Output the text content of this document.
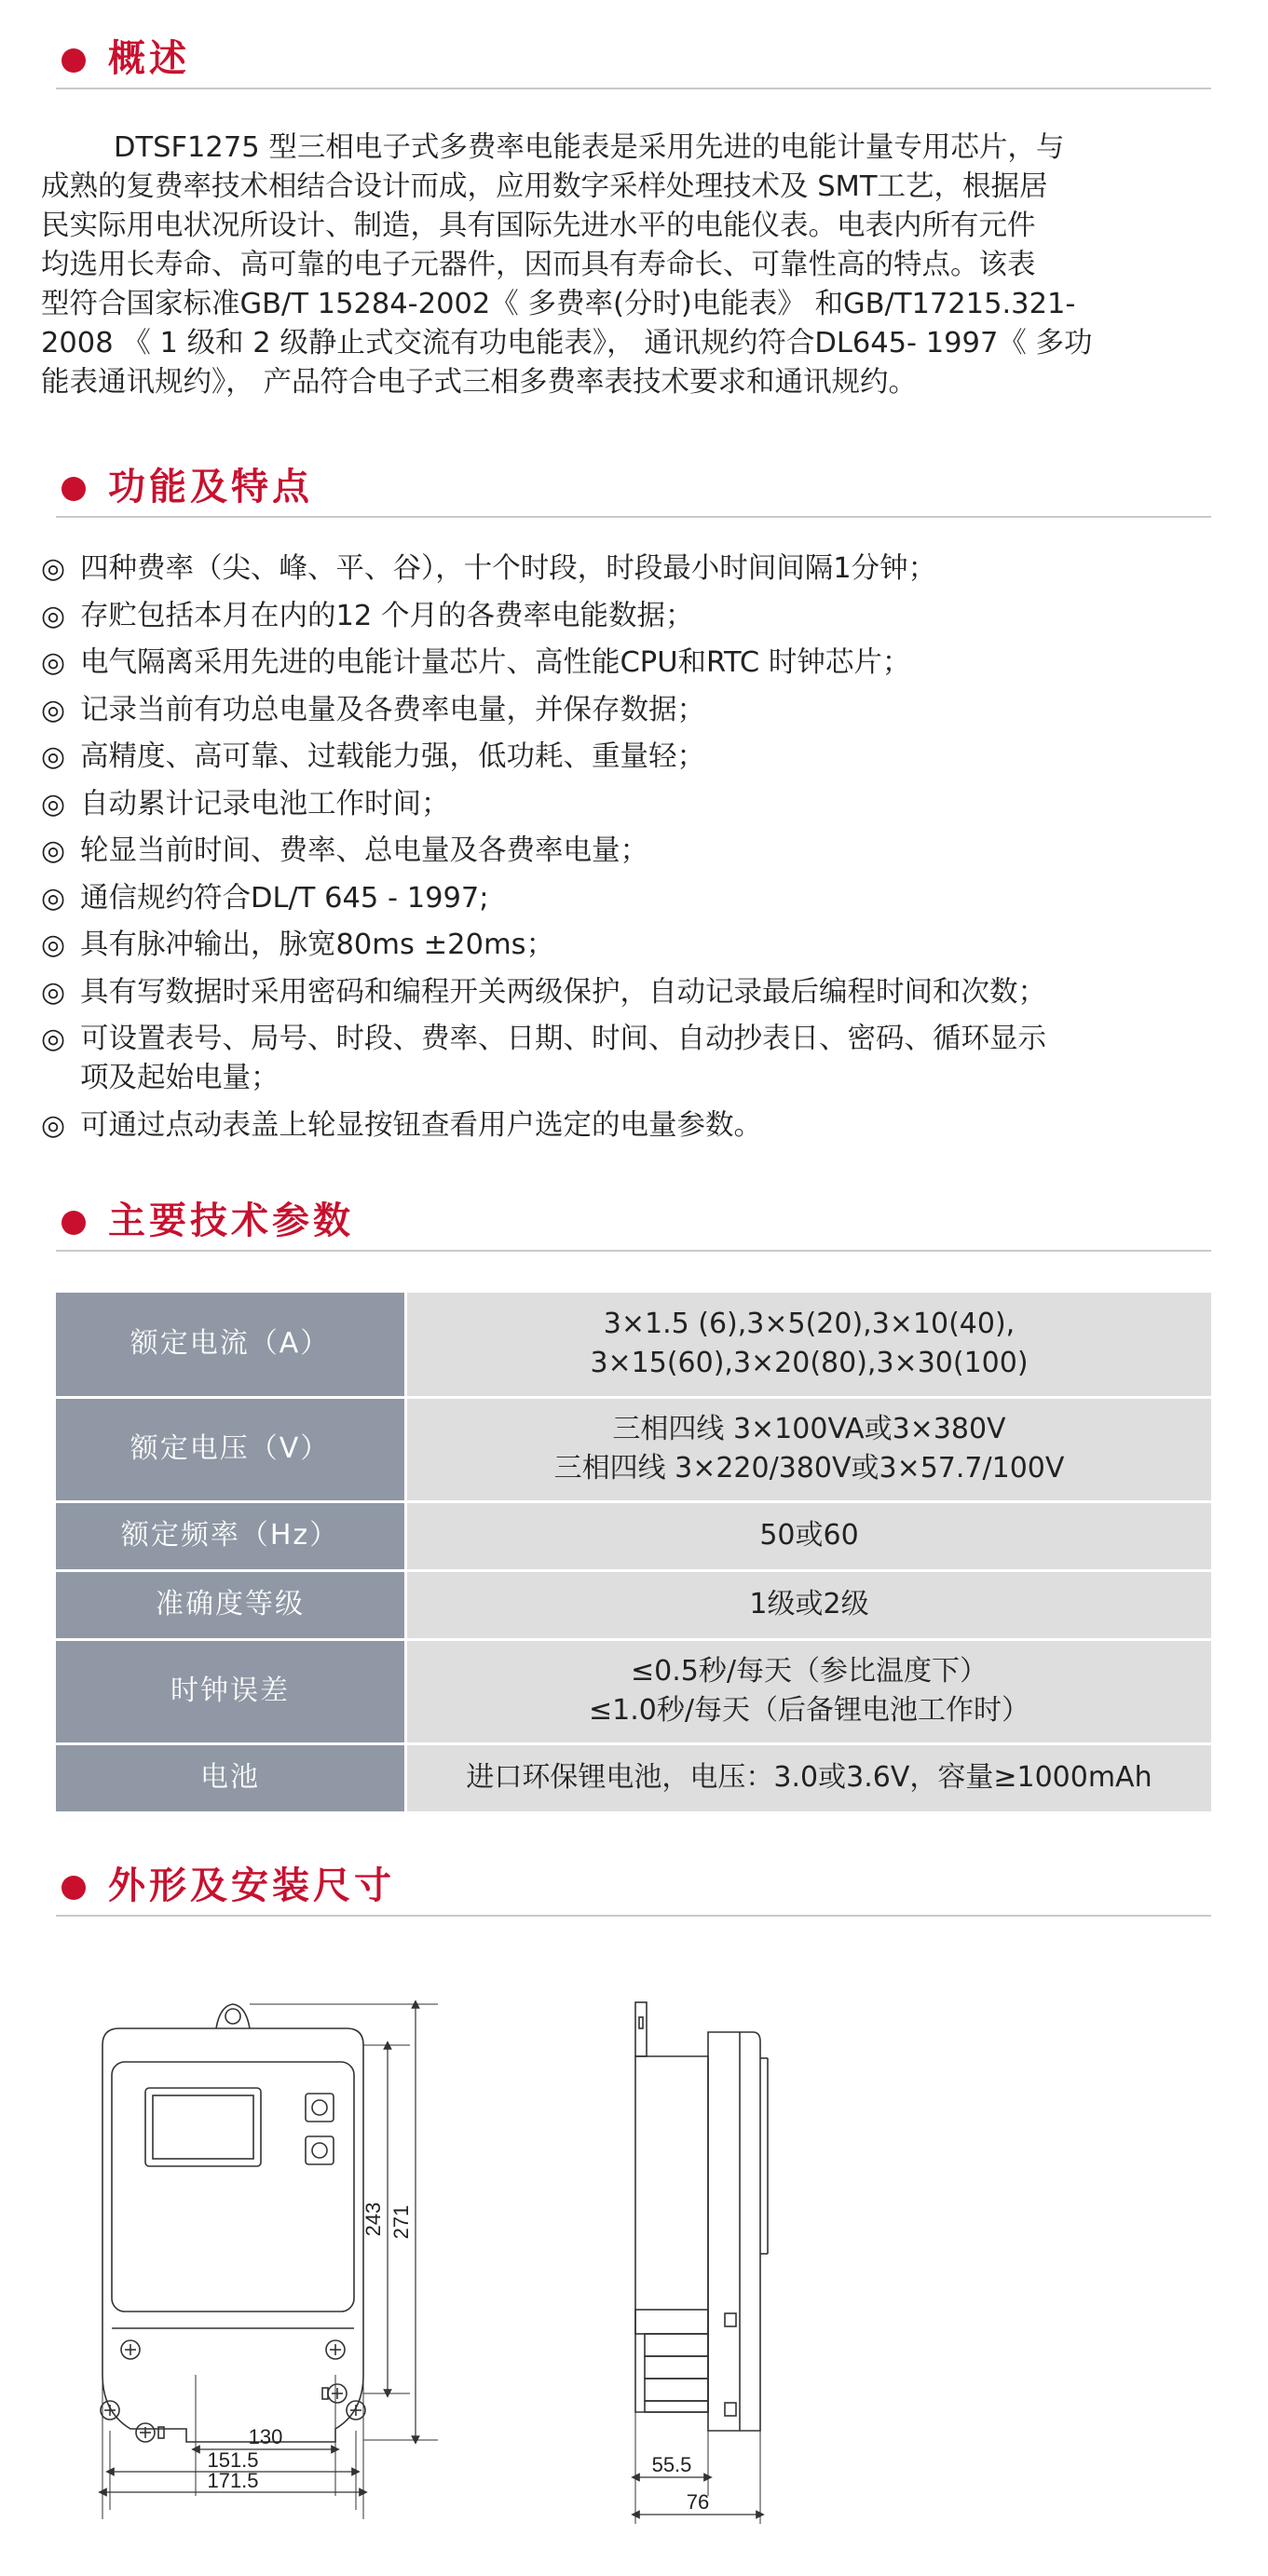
概述
DTSF1275 型三相电子式多费率电能表是采用先进的电能计量专用芯片，与
成熟的复费率技术相结合设计而成，应用数字采样处理技术及 SMT工艺，根据居
民实际用电状况所设计、制造，具有国际先进水平的电能仪表。电表内所有元件
均选用长寿命、高可靠的电子元器件，因而具有寿命长、可靠性高的特点。该表
型符合国家标准GB/T 15284-2002《 多费率(分时)电能表》 和GB/T17215.321-
2008 《 1 级和 2 级静止式交流有功电能表》， 通讯规约符合DL645- 1997《 多功
能表通讯规约》， 产品符合电子式三相多费率表技术要求和通讯规约。
功能及特点
◎ 四种费率（尖、峰、平、谷），十个时段，时段最小时间间隔1分钟；
◎ 存贮包括本月在内的12 个月的各费率电能数据；
◎ 电气隔离采用先进的电能计量芯片、高性能CPU和RTC 时钟芯片；
◎ 记录当前有功总电量及各费率电量，并保存数据；
◎ 高精度、高可靠、过载能力强，低功耗、重量轻；
◎ 自动累计记录电池工作时间；
◎ 轮显当前时间、费率、总电量及各费率电量；
◎ 通信规约符合DL/T 645 - 1997;
◎ 具有脉冲输出，脉宽80ms ±20ms；
◎ 具有写数据时采用密码和编程开关两级保护，自动记录最后编程时间和次数；
◎ 可设置表号、局号、时段、费率、日期、时间、自动抄表日、密码、循环显示
项及起始电量；
◎ 可通过点动表盖上轮显按钮查看用户选定的电量参数。
主要技术参数
额定电流（A）	3×1.5 (6),3×5(20),3×10(40),
3×15(60),3×20(80),3×30(100)

额定电压（V）	三相四线 3×100VA或3×380V
三相四线 3×220/380V或3×57.7/100V

额定频率（Hz）	50或60

准确度等级	1级或2级

时钟误差	≤0.5秒/每天（参比温度下）
≤1.0秒/每天（后备锂电池工作时）

电池	进口环保锂电池，电压：3.0或3.6V，容量≥1000mAh
外形及安装尺寸
130
151.5
171.5
243 271
55.5
76
